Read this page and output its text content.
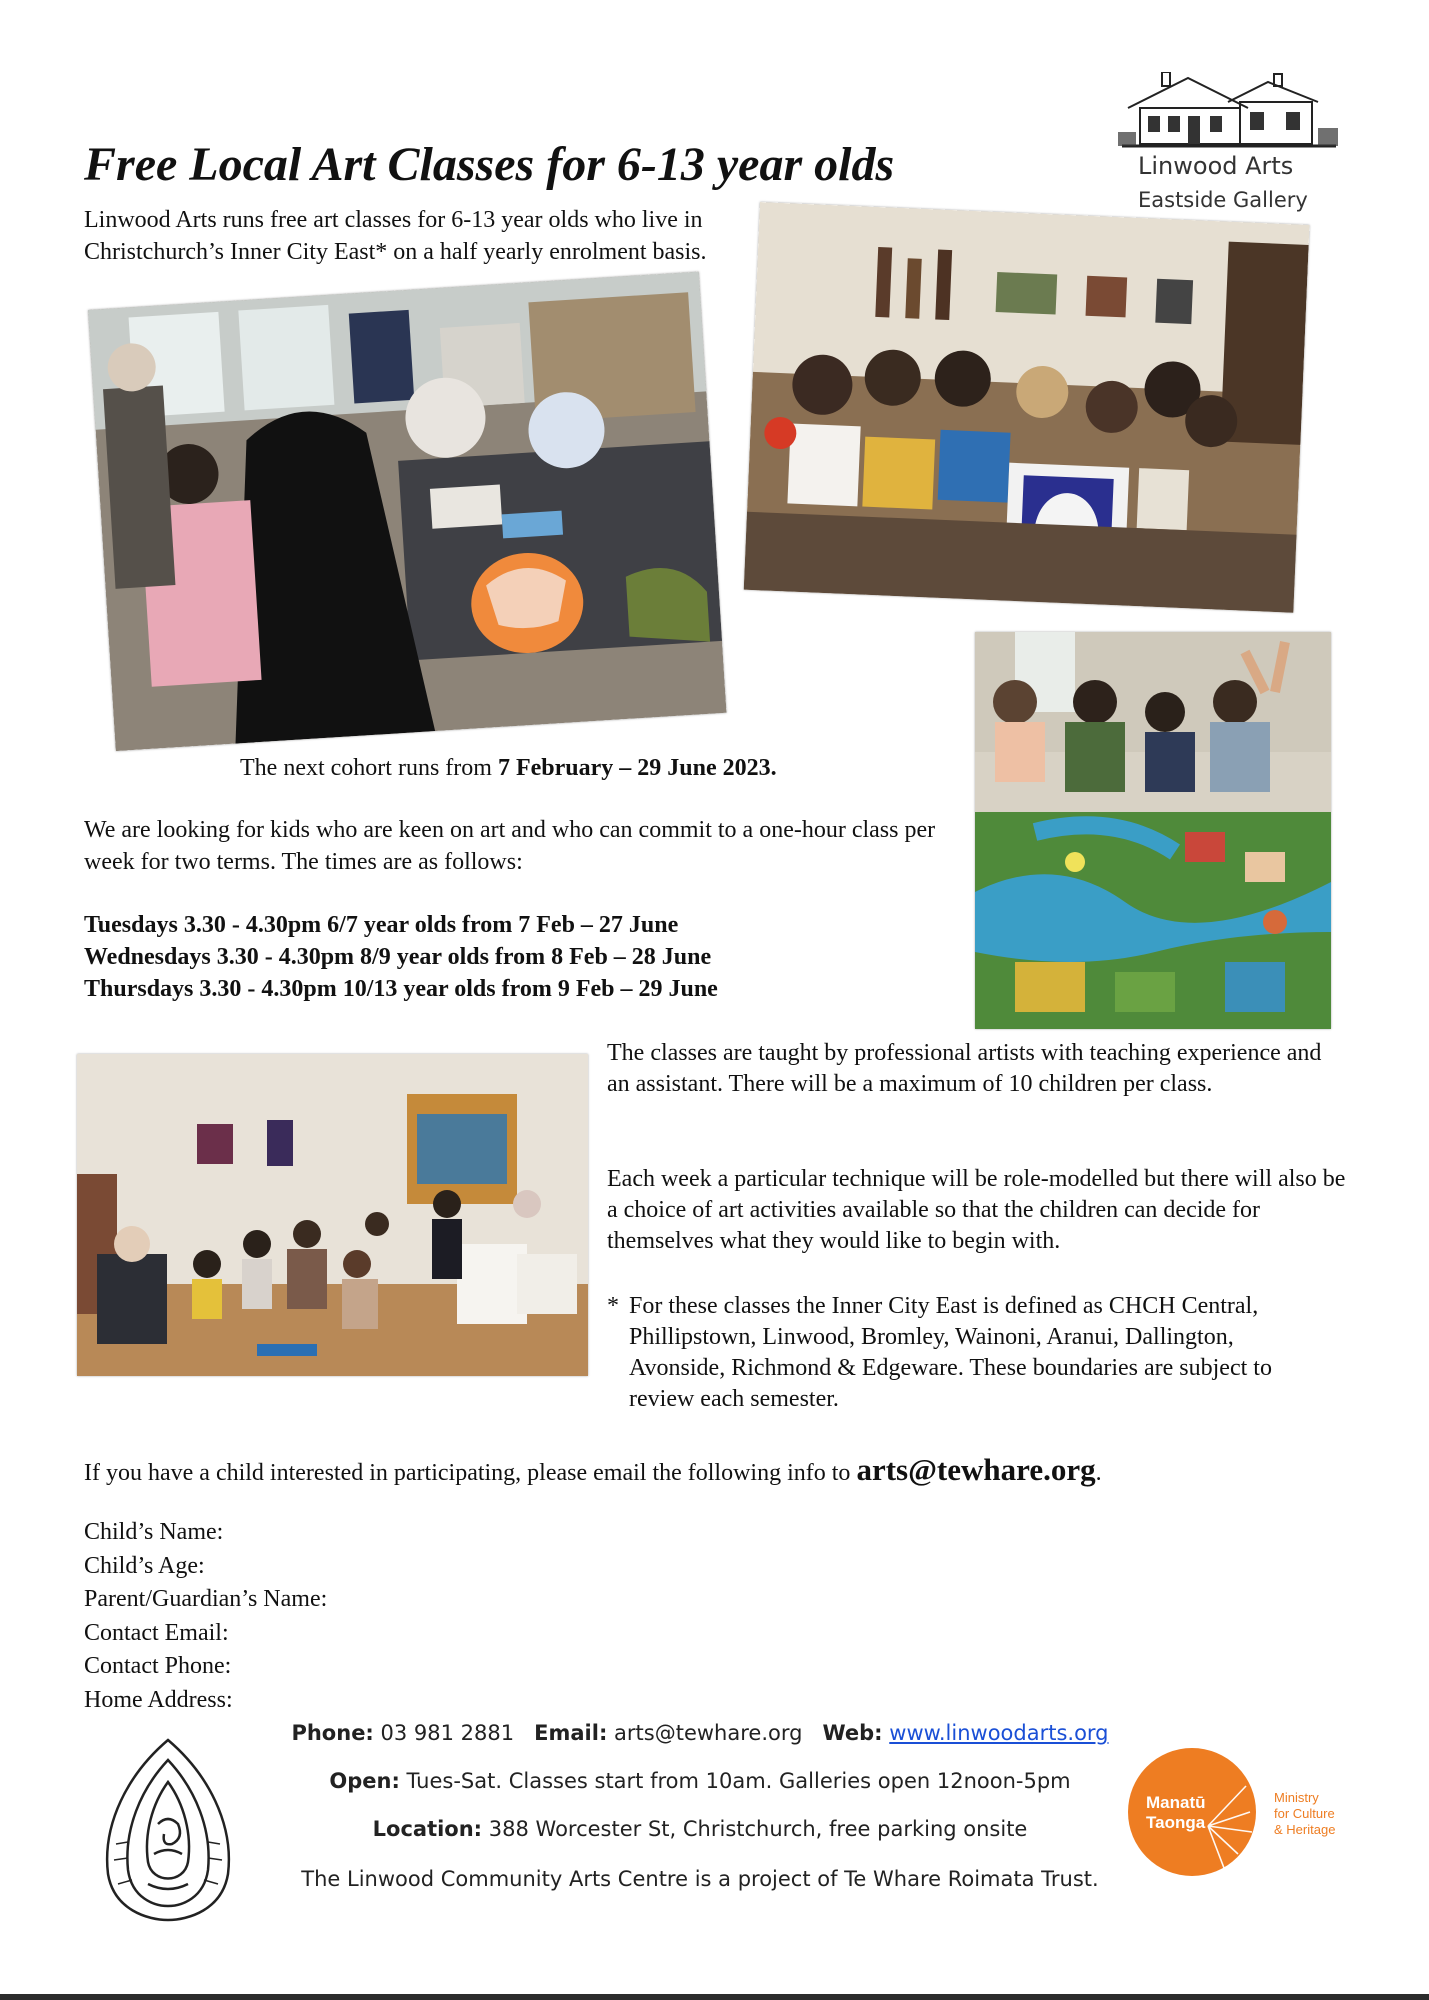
Free Local Art Classes for 6-13 year olds	Linwood Arts
Eastside Gallery
Linwood Arts runs free art classes for 6-13 year olds who live in Christchurch’s Inner City East* on a half yearly enrolment basis.
The next cohort runs from 7 February – 29 June 2023.
We are looking for kids who are keen on art and who can commit to a one-hour class per week for two terms. The times are as follows:
Tuesdays 3.30 - 4.30pm 6/7 year olds from 7 Feb – 27 June
Wednesdays 3.30 - 4.30pm 8/9 year olds from 8 Feb – 28 June
Thursdays 3.30 - 4.30pm 10/13 year olds from 9 Feb – 29 June
The classes are taught by professional artists with teaching experience and an assistant. There will be a maximum of 10 children per class.
Each week a particular technique will be role-modelled but there will also be a choice of art activities available so that the children can decide for themselves what they would like to begin with.
* For these classes the Inner City East is defined as CHCH Central, Phillipstown, Linwood, Bromley, Wainoni, Aranui, Dallington, Avonside, Richmond & Edgeware. These boundaries are subject to review each semester.
If you have a child interested in participating, please email the following info to arts@tewhare.org.
Child’s Name:
Child’s Age:
Parent/Guardian’s Name:
Contact Email:
Contact Phone:
Home Address:
Phone: 03 981 2881 Email: arts@tewhare.org Web: www.linwoodarts.org
Open: Tues-Sat. Classes start from 10am. Galleries open 12noon-5pm
Location: 388 Worcester St, Christchurch, free parking onsite
The Linwood Community Arts Centre is a project of Te Whare Roimata Trust.
Manatū
Taonga
Ministry
for Culture
& Heritage
